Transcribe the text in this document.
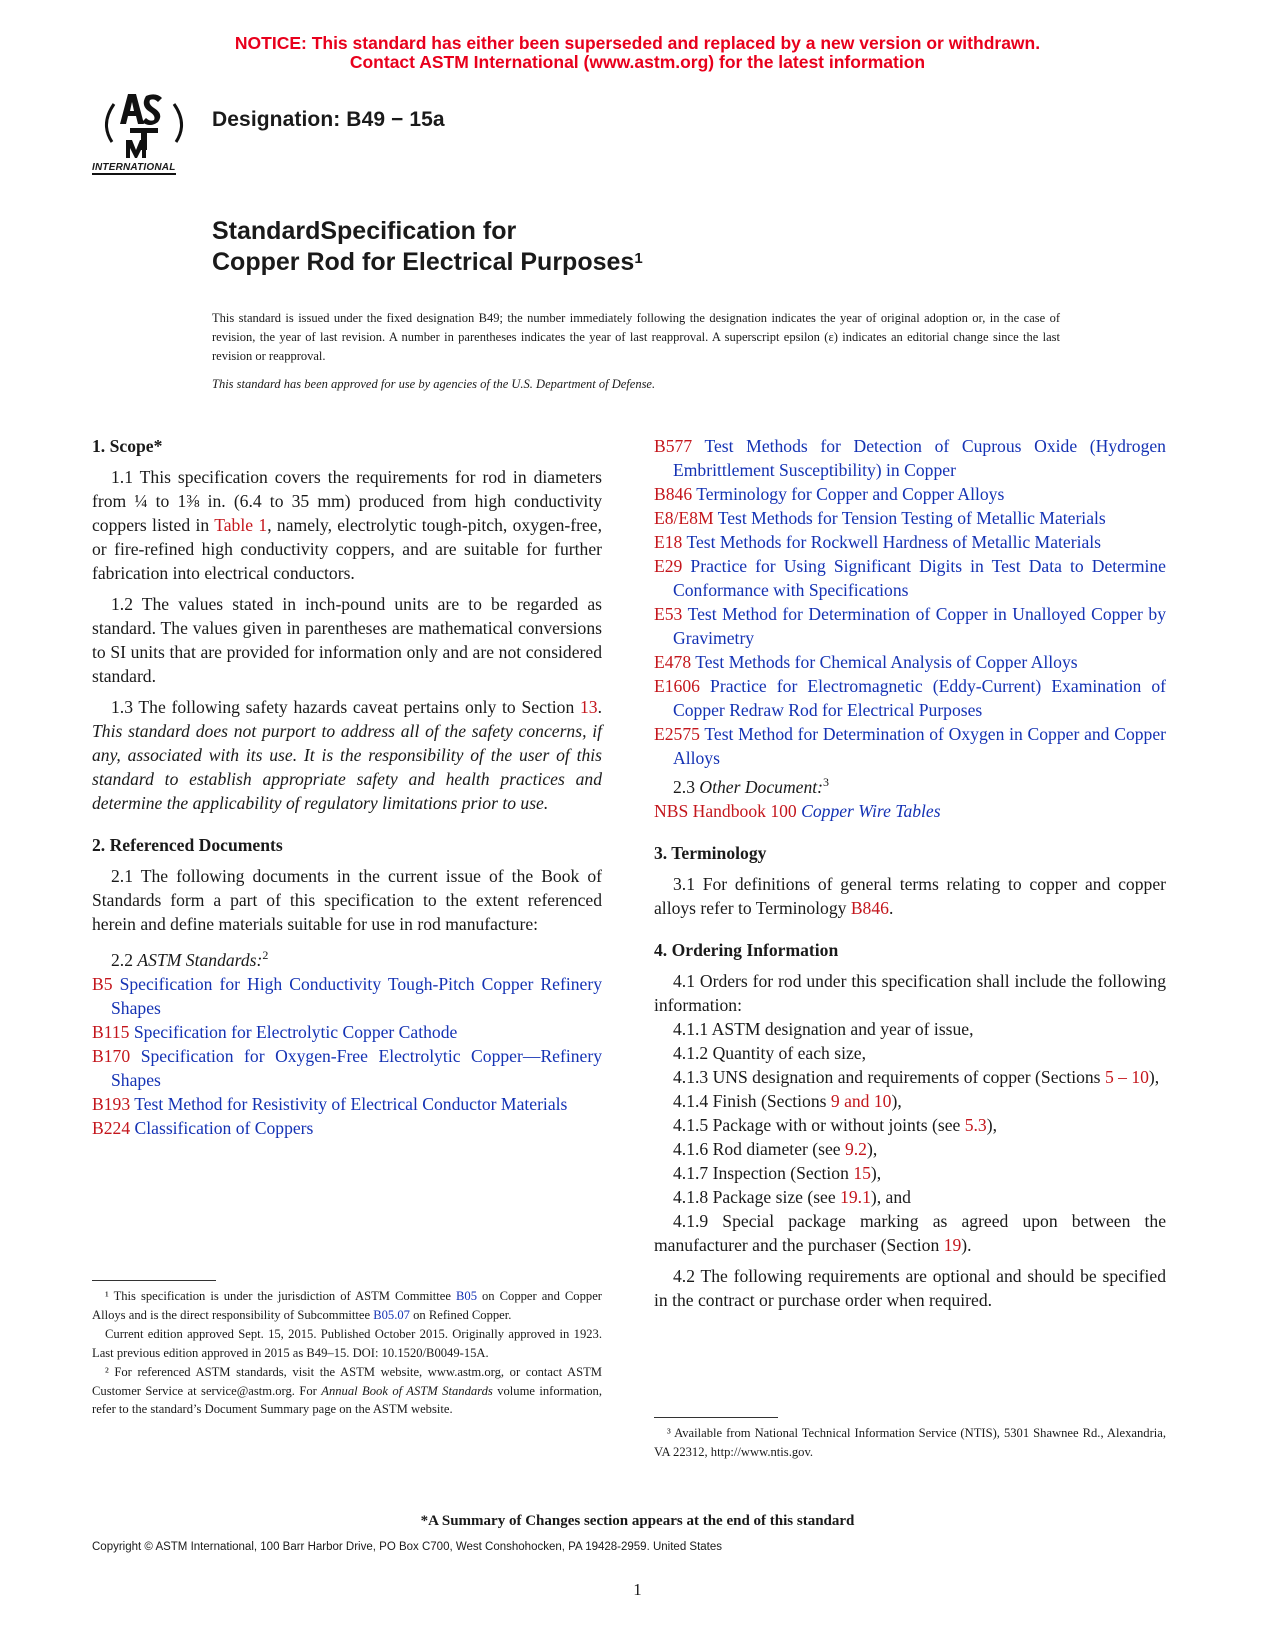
NOTICE: This standard has either been superseded and replaced by a new version or withdrawn.
Contact ASTM International (www.astm.org) for the latest information
INTERNATIONAL
Designation: B49 − 15a
StandardSpecification for
Copper Rod for Electrical Purposes$^1$
This standard is issued under the fixed designation B49; the number immediately following the designation indicates the year of original adoption or, in the case of revision, the year of last revision. A number in parentheses indicates the year of last reapproval. A superscript epsilon (ε) indicates an editorial change since the last revision or reapproval.
This standard has been approved for use by agencies of the U.S. Department of Defense.

1. Scope*

1.1 This specification covers the requirements for rod in diameters from ¼ to 1⅜ in. (6.4 to 35 mm) produced from high conductivity coppers listed in Table 1, namely, electrolytic tough-pitch, oxygen-free, or fire-refined high conductivity coppers, and are suitable for further fabrication into electrical conductors.

1.2 The values stated in inch-pound units are to be regarded as standard. The values given in parentheses are mathematical conversions to SI units that are provided for information only and are not considered standard.

1.3 The following safety hazards caveat pertains only to Section 13. This standard does not purport to address all of the safety concerns, if any, associated with its use. It is the responsibility of the user of this standard to establish appropriate safety and health practices and determine the applicability of regulatory limitations prior to use.

2. Referenced Documents

2.1 The following documents in the current issue of the Book of Standards form a part of this specification to the extent referenced herein and define materials suitable for use in rod manufacture:

2.2 ASTM Standards:$^2$

B5 Specification for High Conductivity Tough-Pitch Copper Refinery Shapes

B115 Specification for Electrolytic Copper Cathode

B170 Specification for Oxygen-Free Electrolytic Copper—Refinery Shapes

B193 Test Method for Resistivity of Electrical Conductor Materials

B224 Classification of Coppers

B577 Test Methods for Detection of Cuprous Oxide (Hydrogen Embrittlement Susceptibility) in Copper

B846 Terminology for Copper and Copper Alloys

E8/E8M Test Methods for Tension Testing of Metallic Materials

E18 Test Methods for Rockwell Hardness of Metallic Materials

E29 Practice for Using Significant Digits in Test Data to Determine Conformance with Specifications

E53 Test Method for Determination of Copper in Unalloyed Copper by Gravimetry

E478 Test Methods for Chemical Analysis of Copper Alloys

E1606 Practice for Electromagnetic (Eddy-Current) Examination of Copper Redraw Rod for Electrical Purposes

E2575 Test Method for Determination of Oxygen in Copper and Copper Alloys

2.3 Other Document:$^3$

NBS Handbook 100 Copper Wire Tables

3. Terminology

3.1 For definitions of general terms relating to copper and copper alloys refer to Terminology B846.

4. Ordering Information

4.1 Orders for rod under this specification shall include the following information:

4.1.1 ASTM designation and year of issue,

4.1.2 Quantity of each size,

4.1.3 UNS designation and requirements of copper (Sections 5 – 10),

4.1.4 Finish (Sections 9 and 10),

4.1.5 Package with or without joints (see 5.3),

4.1.6 Rod diameter (see 9.2),

4.1.7 Inspection (Section 15),

4.1.8 Package size (see 19.1), and

4.1.9 Special package marking as agreed upon between the manufacturer and the purchaser (Section 19).

4.2 The following requirements are optional and should be specified in the contract or purchase order when required.

¹ This specification is under the jurisdiction of ASTM Committee B05 on Copper and Copper Alloys and is the direct responsibility of Subcommittee B05.07 on Refined Copper.

Current edition approved Sept. 15, 2015. Published October 2015. Originally approved in 1923. Last previous edition approved in 2015 as B49–15. DOI: 10.1520/B0049-15A.

² For referenced ASTM standards, visit the ASTM website, www.astm.org, or contact ASTM Customer Service at service@astm.org. For Annual Book of ASTM Standards volume information, refer to the standard’s Document Summary page on the ASTM website.

³ Available from National Technical Information Service (NTIS), 5301 Shawnee Rd., Alexandria, VA 22312, http://www.ntis.gov.

*A Summary of Changes section appears at the end of this standard
Copyright © ASTM International, 100 Barr Harbor Drive, PO Box C700, West Conshohocken, PA 19428-2959. United States
1
